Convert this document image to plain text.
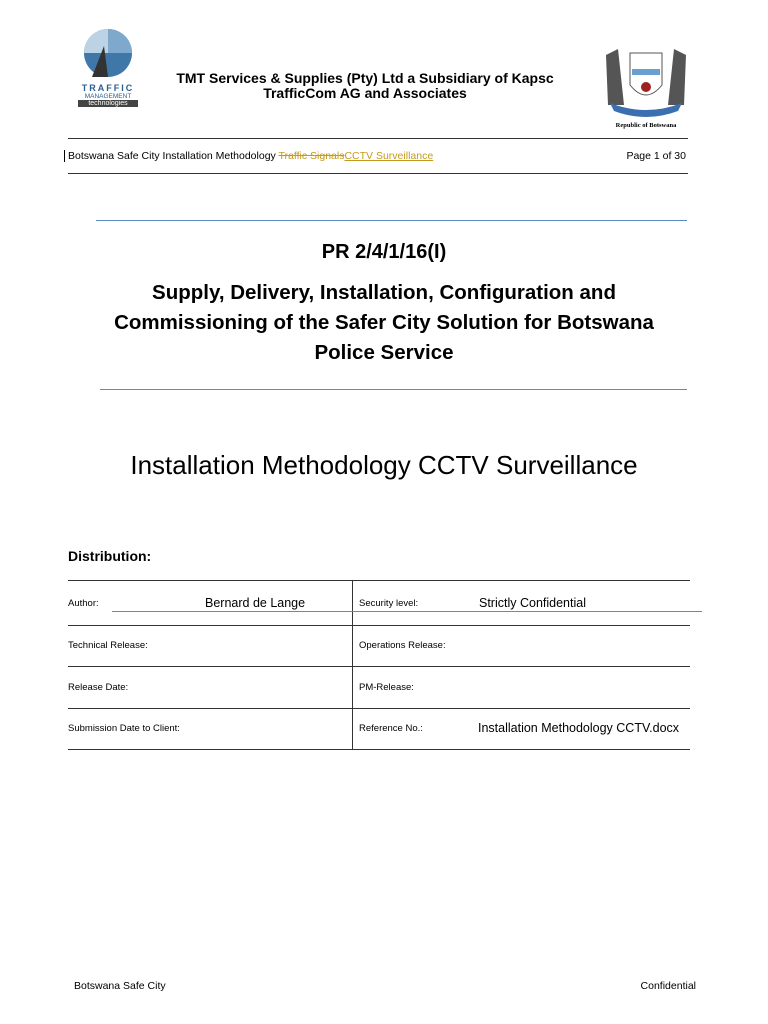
TRAFFIC
MANAGEMENT
technologies
TMT Services & Supplies (Pty) Ltd a Subsidiary of Kapsc
TrafficCom AG and Associates
Republic of Botswana
Botswana Safe City Installation Methodology Traffic SignalsCCTV Surveillance	Page 1 of 30
PR 2/4/1/16(I)
Supply, Delivery, Installation, Configuration and
Commissioning of the Safer City Solution for Botswana
Police Service
Installation Methodology CCTV Surveillance
Distribution:
Author:	Bernard de Lange	Security level:	Strictly Confidential
Technical Release:	Operations Release:
Release Date:	PM-Release:
Submission Date to Client:	Reference No.:	Installation Methodology CCTV.docx
Botswana Safe City	Confidential
